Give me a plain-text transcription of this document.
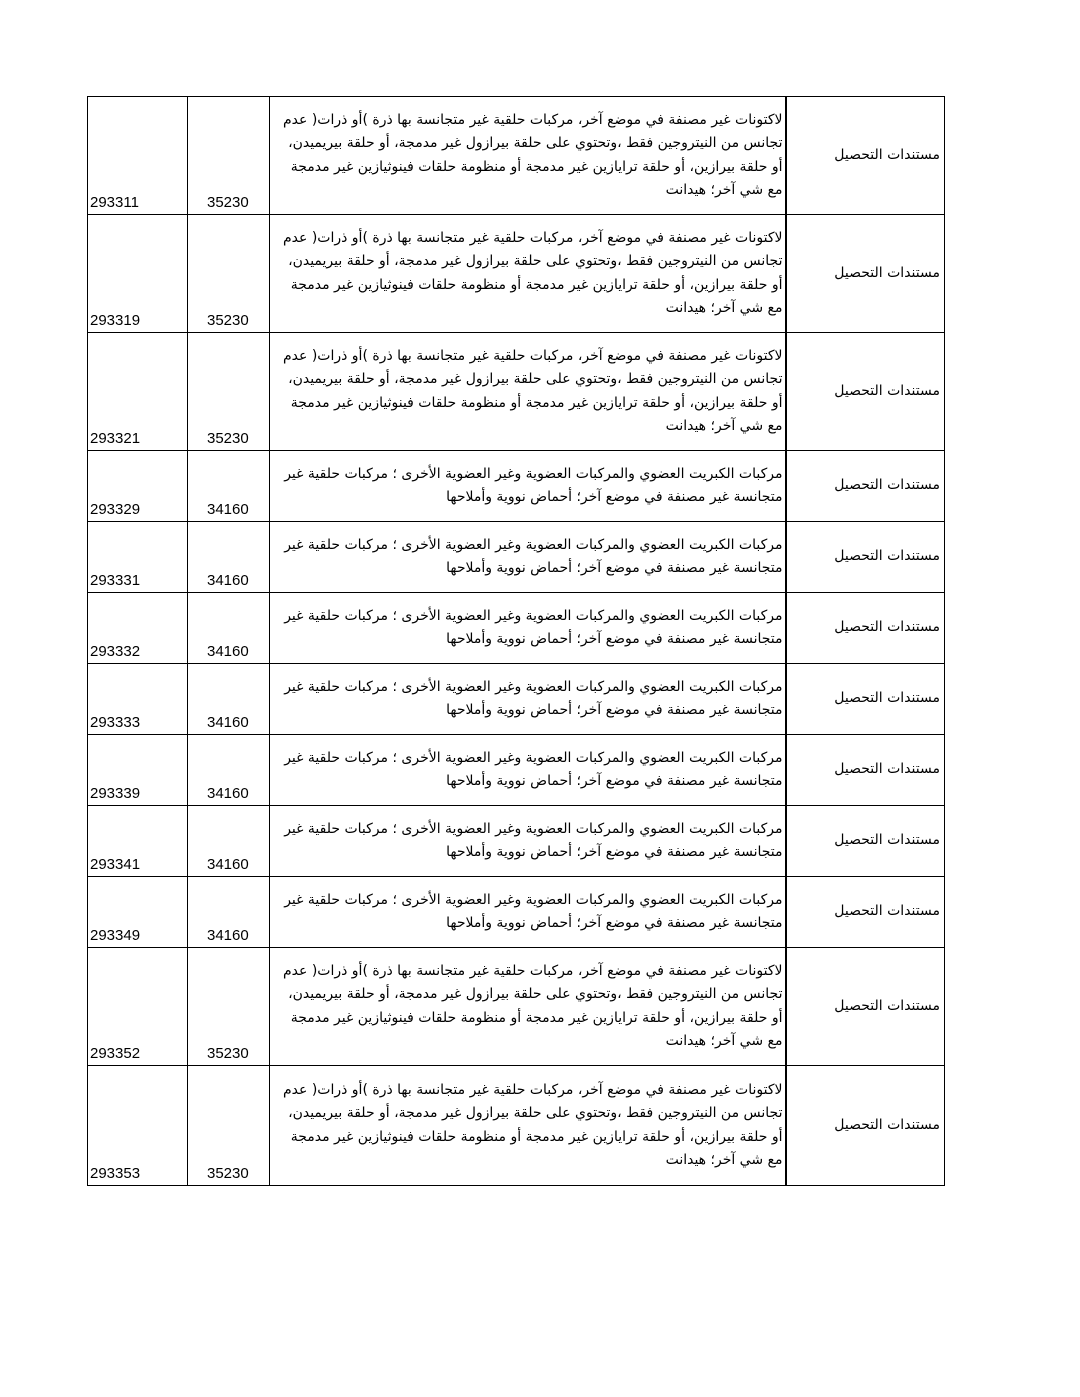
293311	35230	لاكتونات غير مصنفة في موضع آخر، مركبات حلقية غير متجانسة بها ذرة )أو ذرات( عدم تجانس من النيتروجين فقط ،وتحتوي على حلقة بيرازول غير مدمجة، أو حلقة بيريميدن، أو حلقة بيرازين، أو حلقة ترايازين غير مدمجة أو منظومة حلقات فينوثيازين غير مدمجة مع شي آخر؛ هيدانت	مستندات التحصيل
293319	35230	لاكتونات غير مصنفة في موضع آخر، مركبات حلقية غير متجانسة بها ذرة )أو ذرات( عدم تجانس من النيتروجين فقط ،وتحتوي على حلقة بيرازول غير مدمجة، أو حلقة بيريميدن، أو حلقة بيرازين، أو حلقة ترايازين غير مدمجة أو منظومة حلقات فينوثيازين غير مدمجة مع شي آخر؛ هيدانت	مستندات التحصيل
293321	35230	لاكتونات غير مصنفة في موضع آخر، مركبات حلقية غير متجانسة بها ذرة )أو ذرات( عدم تجانس من النيتروجين فقط ،وتحتوي على حلقة بيرازول غير مدمجة، أو حلقة بيريميدن، أو حلقة بيرازين، أو حلقة ترايازين غير مدمجة أو منظومة حلقات فينوثيازين غير مدمجة مع شي آخر؛ هيدانت	مستندات التحصيل
293329	34160	مركبات الكبريت العضوي والمركبات العضوية وغير العضوية الأخرى ؛ مركبات حلقية غير متجانسة غير مصنفة في موضع آخر؛ أحماض نووية وأملاحها	مستندات التحصيل
293331	34160	مركبات الكبريت العضوي والمركبات العضوية وغير العضوية الأخرى ؛ مركبات حلقية غير متجانسة غير مصنفة في موضع آخر؛ أحماض نووية وأملاحها	مستندات التحصيل
293332	34160	مركبات الكبريت العضوي والمركبات العضوية وغير العضوية الأخرى ؛ مركبات حلقية غير متجانسة غير مصنفة في موضع آخر؛ أحماض نووية وأملاحها	مستندات التحصيل
293333	34160	مركبات الكبريت العضوي والمركبات العضوية وغير العضوية الأخرى ؛ مركبات حلقية غير متجانسة غير مصنفة في موضع آخر؛ أحماض نووية وأملاحها	مستندات التحصيل
293339	34160	مركبات الكبريت العضوي والمركبات العضوية وغير العضوية الأخرى ؛ مركبات حلقية غير متجانسة غير مصنفة في موضع آخر؛ أحماض نووية وأملاحها	مستندات التحصيل
293341	34160	مركبات الكبريت العضوي والمركبات العضوية وغير العضوية الأخرى ؛ مركبات حلقية غير متجانسة غير مصنفة في موضع آخر؛ أحماض نووية وأملاحها	مستندات التحصيل
293349	34160	مركبات الكبريت العضوي والمركبات العضوية وغير العضوية الأخرى ؛ مركبات حلقية غير متجانسة غير مصنفة في موضع آخر؛ أحماض نووية وأملاحها	مستندات التحصيل
293352	35230	لاكتونات غير مصنفة في موضع آخر، مركبات حلقية غير متجانسة بها ذرة )أو ذرات( عدم تجانس من النيتروجين فقط ،وتحتوي على حلقة بيرازول غير مدمجة، أو حلقة بيريميدن، أو حلقة بيرازين، أو حلقة ترايازين غير مدمجة أو منظومة حلقات فينوثيازين غير مدمجة مع شي آخر؛ هيدانت	مستندات التحصيل
293353	35230	لاكتونات غير مصنفة في موضع آخر، مركبات حلقية غير متجانسة بها ذرة )أو ذرات( عدم تجانس من النيتروجين فقط ،وتحتوي على حلقة بيرازول غير مدمجة، أو حلقة بيريميدن، أو حلقة بيرازين، أو حلقة ترايازين غير مدمجة أو منظومة حلقات فينوثيازين غير مدمجة مع شي آخر؛ هيدانت	مستندات التحصيل
